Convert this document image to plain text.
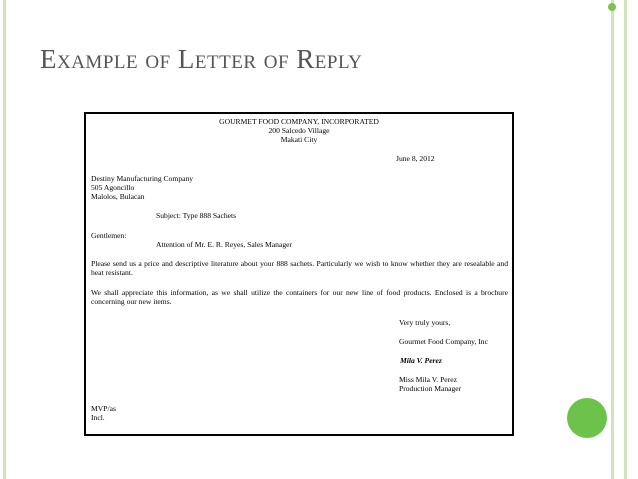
Example of Letter of Reply
GOURMET FOOD COMPANY, INCORPORATED
200 Salcedo Village
Makati City
June 8, 2012
Destiny Manufacturing Company
505 Agoncillo
Malolos, Bulacan
Subject: Type 888 Sachets
Gentlemen:
Attention of Mr. E. R. Reyes, Sales Manager
Please send us a price and descriptive literature about your 888 sachets. Particularly we wish to know whether they are resealable and heat resistant.
We shall appreciate this information, as we shall utilize the containers for our new line of food products. Enclosed is a brochure concerning our new items.
Very truly yours,
Gourmet Food Company, Inc
Mila V. Perez
Miss Mila V. Perez
Production Manager
MVP/as
Incl.
